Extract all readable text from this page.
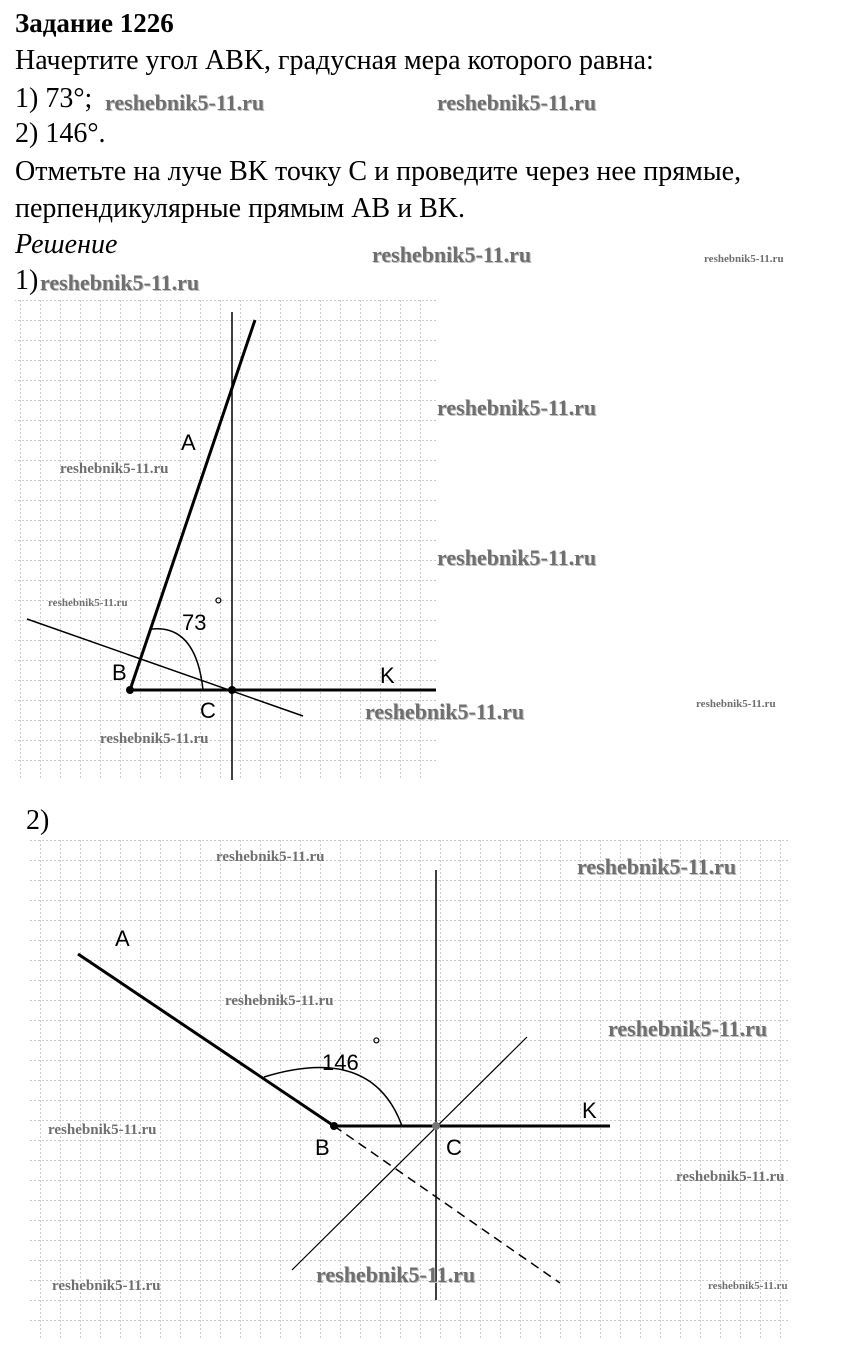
Задание 1226
Начертите угол ABK, градусная мера которого равна:
1) 73°;
2) 146°.
Отметьте на луче BK точку C и проведите через нее прямые,
перпендикулярные прямым AB и BK.
Решение
1)
2)
A
B
C
K
73
°
A
B	C
K
146
°
reshebnik5-11.ru	reshebnik5-11.ru
reshebnik5-11.ru	reshebnik5-11.ru
reshebnik5-11.ru
reshebnik5-11.ru
reshebnik5-11.ru
reshebnik5-11.ru
reshebnik5-11.ru
reshebnik5-11.ru	reshebnik5-11.ru
reshebnik5-11.ru
reshebnik5-11.ru	reshebnik5-11.ru
reshebnik5-11.ru
reshebnik5-11.ru
reshebnik5-11.ru
reshebnik5-11.ru
reshebnik5-11.ru
reshebnik5-11.ru	reshebnik5-11.ru
